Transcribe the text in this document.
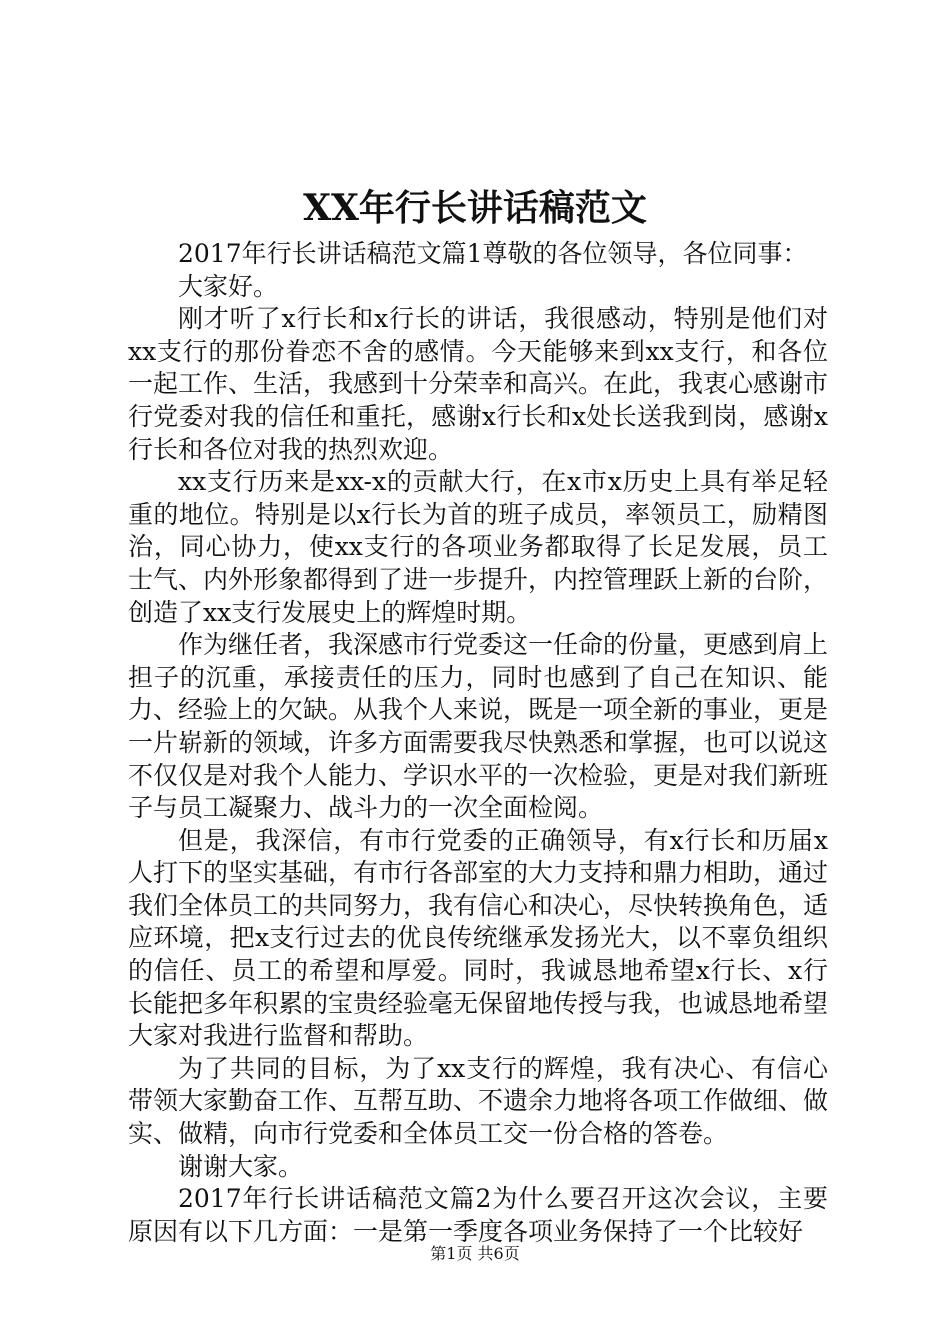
XX年行长讲话稿范文

2017年行长讲话稿范文篇1尊敬的各位领导，各位同事：

大家好。

刚才听了x行长和x行长的讲话，我很感动，特别是他们对xx支行的那份眷恋不舍的感情。今天能够来到xx支行，和各位一起工作、生活，我感到十分荣幸和高兴。在此，我衷心感谢市行党委对我的信任和重托，感谢x行长和x处长送我到岗，感谢x行长和各位对我的热烈欢迎。

xx支行历来是xx-x的贡献大行，在x市x历史上具有举足轻重的地位。特别是以x行长为首的班子成员，率领员工，励精图治，同心协力，使xx支行的各项业务都取得了长足发展，员工士气、内外形象都得到了进一步提升，内控管理跃上新的台阶，创造了xx支行发展史上的辉煌时期。

作为继任者，我深感市行党委这一任命的份量，更感到肩上担子的沉重，承接责任的压力，同时也感到了自己在知识、能力、经验上的欠缺。从我个人来说，既是一项全新的事业，更是一片崭新的领域，许多方面需要我尽快熟悉和掌握，也可以说这不仅仅是对我个人能力、学识水平的一次检验，更是对我们新班子与员工凝聚力、战斗力的一次全面检阅。

但是，我深信，有市行党委的正确领导，有x行长和历届x人打下的坚实基础，有市行各部室的大力支持和鼎力相助，通过我们全体员工的共同努力，我有信心和决心，尽快转换角色，适应环境，把x支行过去的优良传统继承发扬光大，以不辜负组织的信任、员工的希望和厚爱。同时，我诚恳地希望x行长、x行长能把多年积累的宝贵经验毫无保留地传授与我，也诚恳地希望大家对我进行监督和帮助。

为了共同的目标，为了xx支行的辉煌，我有决心、有信心带领大家勤奋工作、互帮互助、不遗余力地将各项工作做细、做实、做精，向市行党委和全体员工交一份合格的答卷。

谢谢大家。

2017年行长讲话稿范文篇2为什么要召开这次会议，主要原因有以下几方面：一是第一季度各项业务保持了一个比较好

第1页 共6页
